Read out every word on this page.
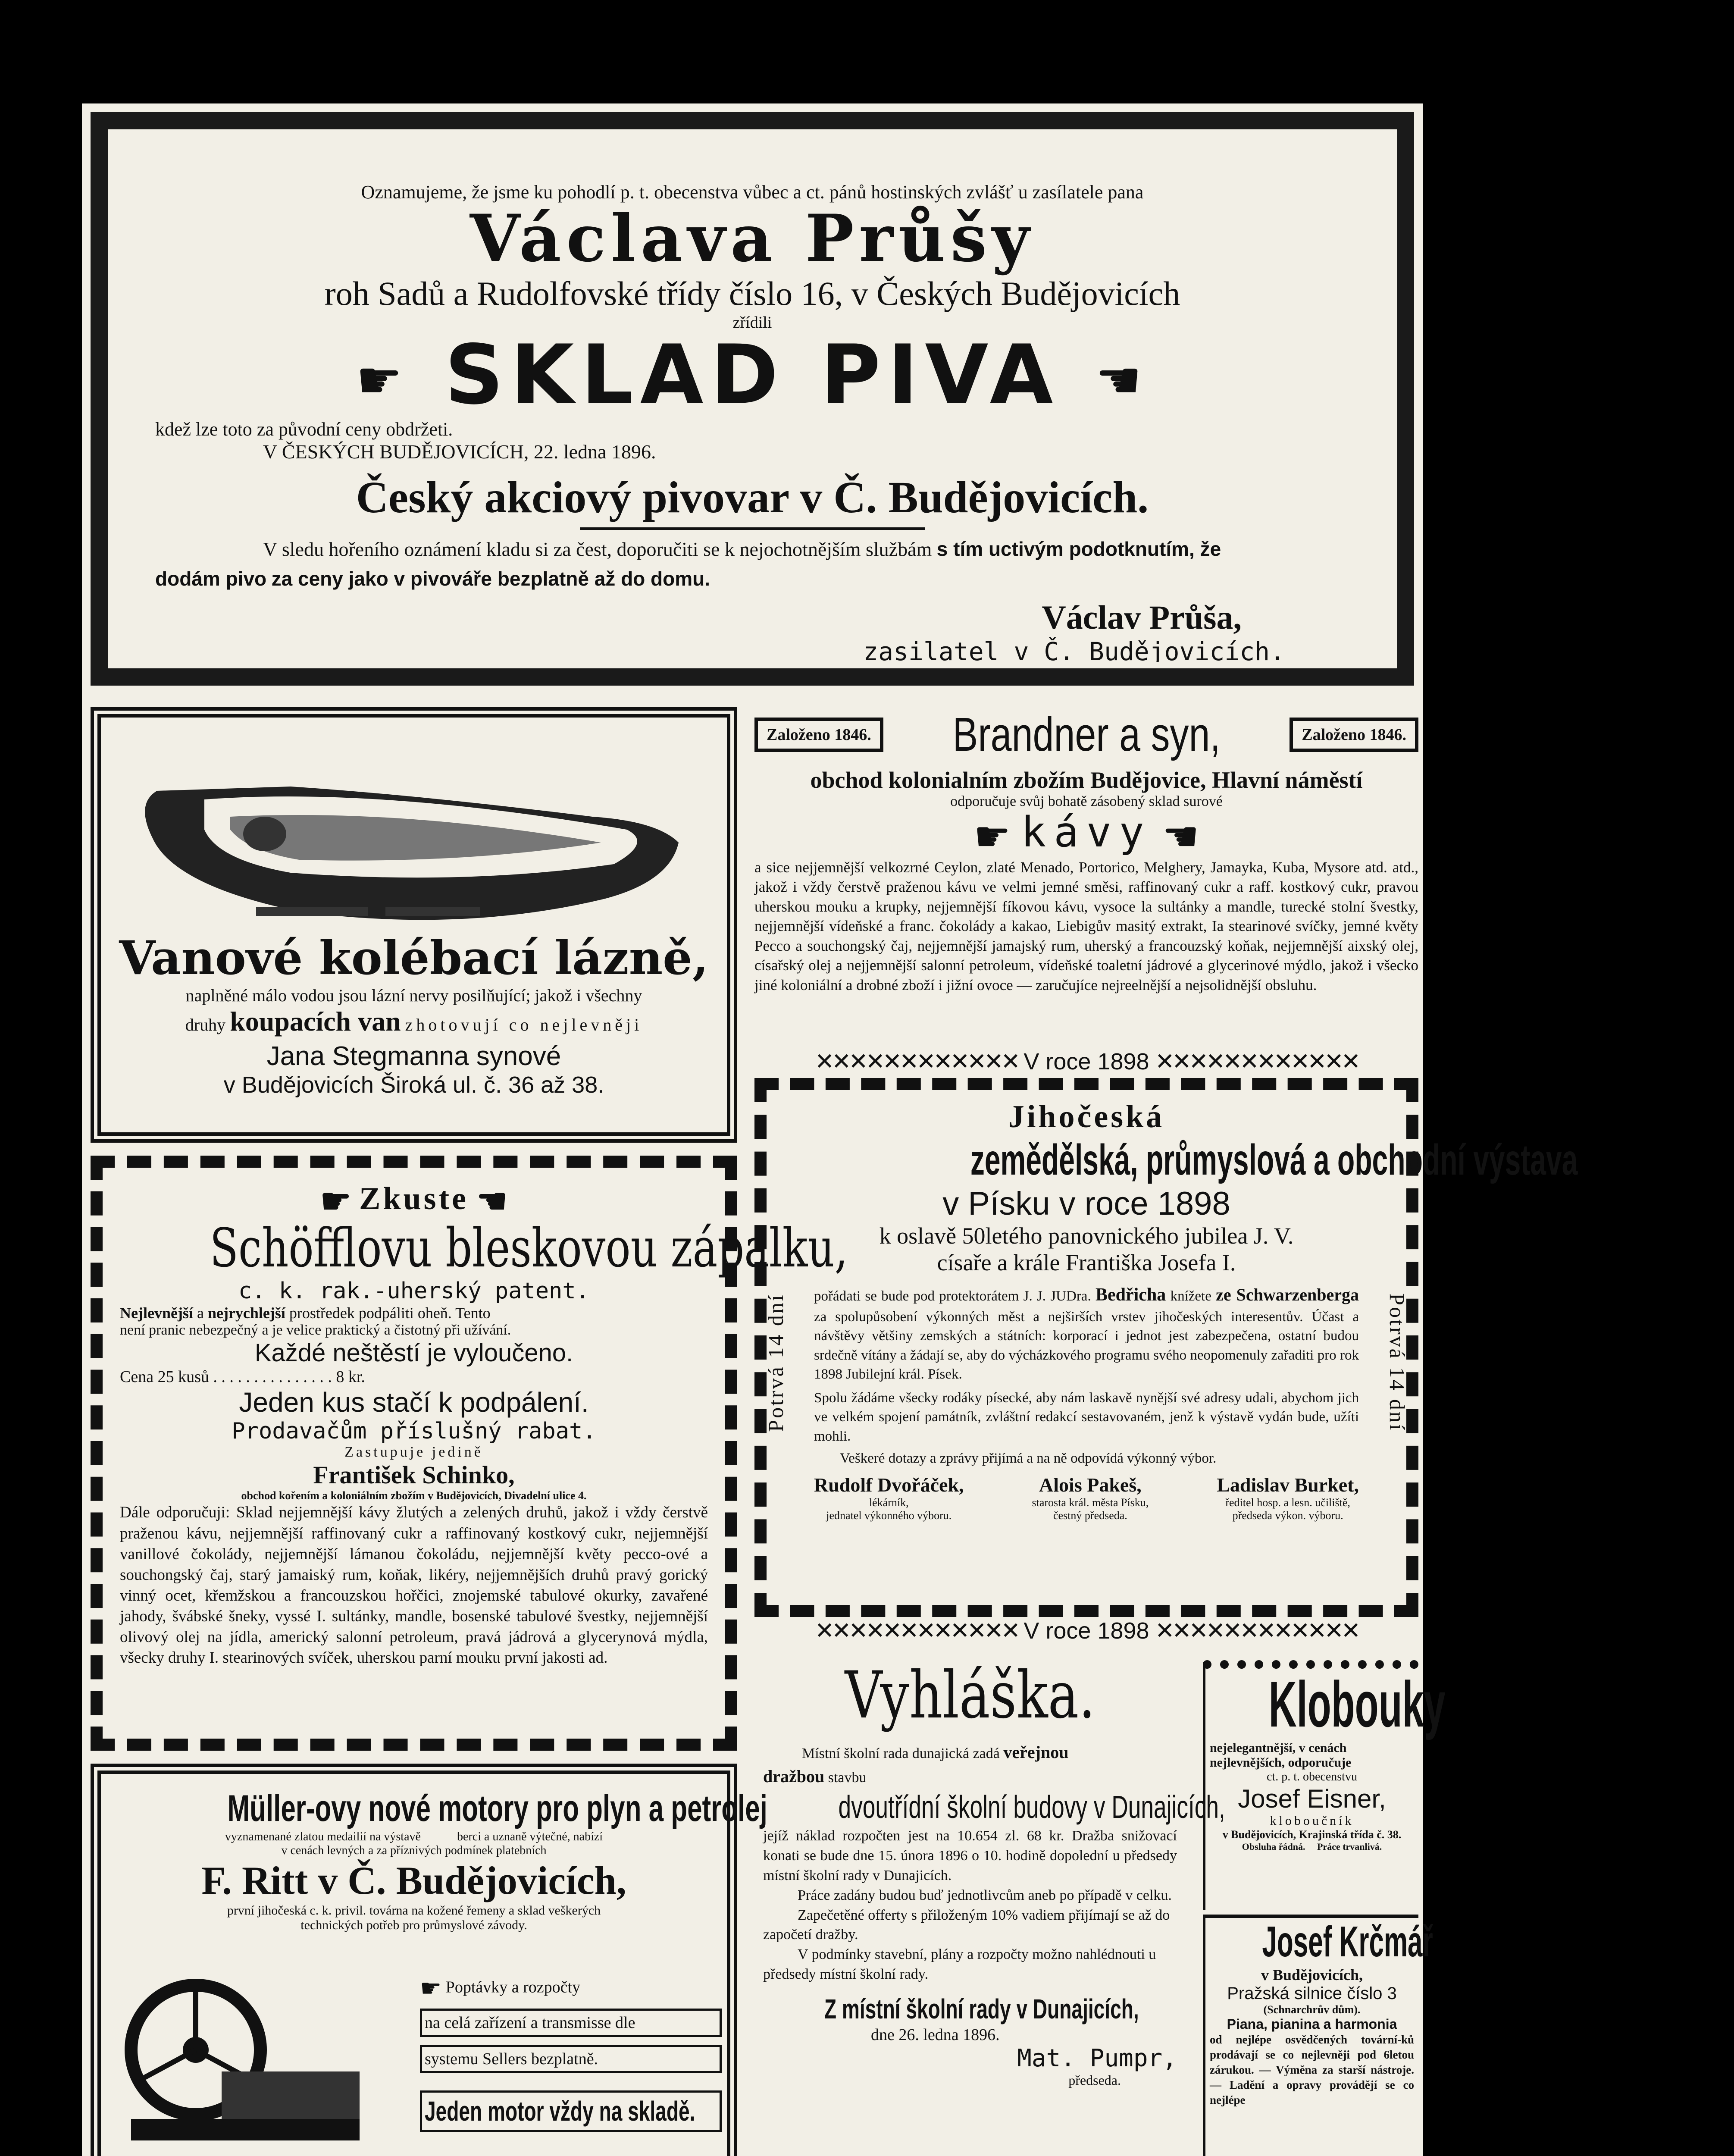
Oznamujeme, že jsme ku pohodlí p. t. obecenstva vůbec a ct. pánů hostinských zvlášť u zasílatele pana

Václava Průšy

roh Sadů a Rudolfovské třídy číslo 16, v Českých Budějovicích

zřídili

☛ SKLAD PIVA ☚

kdež lze toto za původní ceny obdržeti.

V ČESKÝCH BUDĚJOVICÍCH, 22. ledna 1896.

Český akciový pivovar v Č. Budějovicích.

V sledu hořeního oznámení kladu si za čest, doporučiti se k nejochotnějším službám s tím uctivým podotknutím, že
dodám pivo za ceny jako v pivováře bezplatně až do domu.

Václav Průša,

zasilatel v Č. Budějovicích.

Vanové kolébací lázně,

naplněné málo vodou jsou lázní nervy posilňující; jakož i všechny

druhy koupacích van zhotovují co nejlevněji

Jana Stegmanna synové

v Budějovicích Široká ul. č. 36 až 38.

☛ Zkuste ☚

Schöfflovu bleskovou zápalku,

c. k. rak.-uherský patent.

Nejlevnější a nejrychlejší prostředek podpáliti oheň. Tento

není pranic nebezpečný a je velice praktický a čistotný při užívání.

Každé neštěstí je vyloučeno.

Cena 25 kusů . . . . . . . . . . . . . . . 8 kr.

Jeden kus stačí k podpálení.

Prodavačům příslušný rabat.

Zastupuje jedině

František Schinko,

obchod kořením a koloniálním zbožím v Budějovicích, Divadelní ulice 4.

Dále odporučuji: Sklad nejjemnější kávy žlutých a zelených druhů, jakož i vždy čerstvě praženou kávu, nejjemnější raffinovaný cukr a raffinovaný kostkový cukr, nejjemnější vanillové čokolády, nejjemnější lámanou čokoládu, nejjemnější květy pecco-ové a souchongský čaj, starý jamaiský rum, koňak, likéry, nejjemnějších druhů pravý gorický vinný ocet, křemžskou a francouzskou hořčici, znojemské tabulové okurky, zavařené jahody, švábské šneky, vyssé I. sultánky, mandle, bosenské tabulové švestky, nejjemnější olivový olej na jídla, americký salonní petroleum, pravá jádrová a glycerynová mýdla, všecky druhy I. stearinových svíček, uherskou parní mouku první jakosti ad.

Müller-ovy nové motory pro plyn a petrolej

vyznamenané zlatou medailií na výstavě	berci a uznaně výtečné, nabízí

v cenách levných a za příznivých podmínek platebních

F. Ritt v Č. Budějovicích,

první jihočeská c. k. privil. továrna na kožené řemeny a sklad veškerých

technických potřeb pro průmyslové závody.

☛ Poptávky a rozpočty

na celá zařízení a transmisse dle

systemu Sellers bezplatně.

Jeden motor vždy na skladě.

Založeno 1846.	Brandner a syn,	Založeno 1846.

obchod kolonialním zbožím Budějovice, Hlavní náměstí

odporučuje svůj bohatě zásobený sklad surové

☛ kávy ☚

a sice nejjemnější velkozrné Ceylon, zlaté Menado, Portorico, Melghery, Jamayka, Kuba, Mysore atd. atd., jakož i vždy čerstvě praženou kávu ve velmi jemné směsi, raffinovaný cukr a raff. kostkový cukr, pravou uherskou mouku a krupky, nejjemnější fíkovou kávu, vysoce la sultánky a mandle, turecké stolní švestky, nejjemnější vídeňské a franc. čokolády a kakao, Liebigův masitý extrakt, Ia stearinové svíčky, jemné květy Pecco a souchongský čaj, nejjemnější jamajský rum, uherský a francouzský koňak, nejjemnější aixský olej, císařský olej a nejjemnější salonní petroleum, vídeňské toaletní jádrové a glycerinové mýdlo, jakož i všecko jiné koloniální a drobné zboží i jižní ovoce — zaručujíce nejreelnější a nejsolidnější obsluhu.

✕✕✕✕✕✕✕✕✕✕✕✕ V roce 1898 ✕✕✕✕✕✕✕✕✕✕✕✕

Jihočeská

zemědělská, průmyslová a obchodní výstava

v Písku v roce 1898

k oslavě 50letého panovnického jubilea J. V.

císaře a krále Františka Josefa I.

pořádati se bude pod protektorátem J. J. JUDra. Bedřicha knížete ze Schwarzenberga za spolupůsobení výkonných měst a nejširších vrstev jihočeských interesentův. Účast a návštěvy většiny zemských a státních: korporací i jednot jest zabezpečena, ostatní budou srdečně vítány a žádají se, aby do výcházkového programu svého neopomenuly zařaditi pro rok 1898 Jubilejní král. Písek.

Spolu žádáme všecky rodáky písecké, aby nám laskavě nynější své adresy udali, abychom jich ve velkém spojení památník, zvláštní redakcí sestavovaném, jenž k výstavě vydán bude, užíti mohli.

Veškeré dotazy a zprávy přijímá a na ně odpovídá výkonný výbor.

Rudolf Dvořáček,

lékárník,

jednatel výkonného výboru.

Alois Pakeš,

starosta král. města Písku,

čestný předseda.

Ladislav Burket,

ředitel hosp. a lesn. učiliště,

předseda výkon. výboru.

Potrvá 14 dní	Potrvá 14 dní

✕✕✕✕✕✕✕✕✕✕✕✕ V roce 1898 ✕✕✕✕✕✕✕✕✕✕✕✕

Vyhláška.

Místní školní rada dunajická zadá veřejnou
dražbou stavbu

dvoutřídní školní budovy v Dunajicích,

jejíž náklad rozpočten jest na 10.654 zl. 68 kr. Dražba snižovací konati se bude dne 15. února 1896 o 10. hodině dopolední u předsedy místní školní rady v Dunajicích.

Práce zadány budou buď jednotlivcům aneb po případě v celku.

Zapečetěné offerty s přiloženým 10% vadiem přijímají se až do započetí dražby.

V podmínky stavební, plány a rozpočty možno nahlédnouti u předsedy místní školní rady.

Z místní školní rady v Dunajicích,

dne 26. ledna 1896.

Mat. Pumpr,

předseda.

Klobouky

nejelegantnější, v cenách

nejlevnějších, odporučuje

ct. p. t. obecenstvu

Josef Eisner,

kloboučník

v Budějovicích, Krajinská třída č. 38.

Obsluha řádná. Práce trvanlivá.

Josef Krčmář

v Budějovicích,

Pražská silnice číslo 3

(Schnarchrův dům).

Piana, pianina a harmonia

od nejlépe osvědčených tovární-ků prodávají se co nejlevněji pod 6letou zárukou. — Výměna za starší nástroje. — Ladění a opravy provádějí se co nejlépe
